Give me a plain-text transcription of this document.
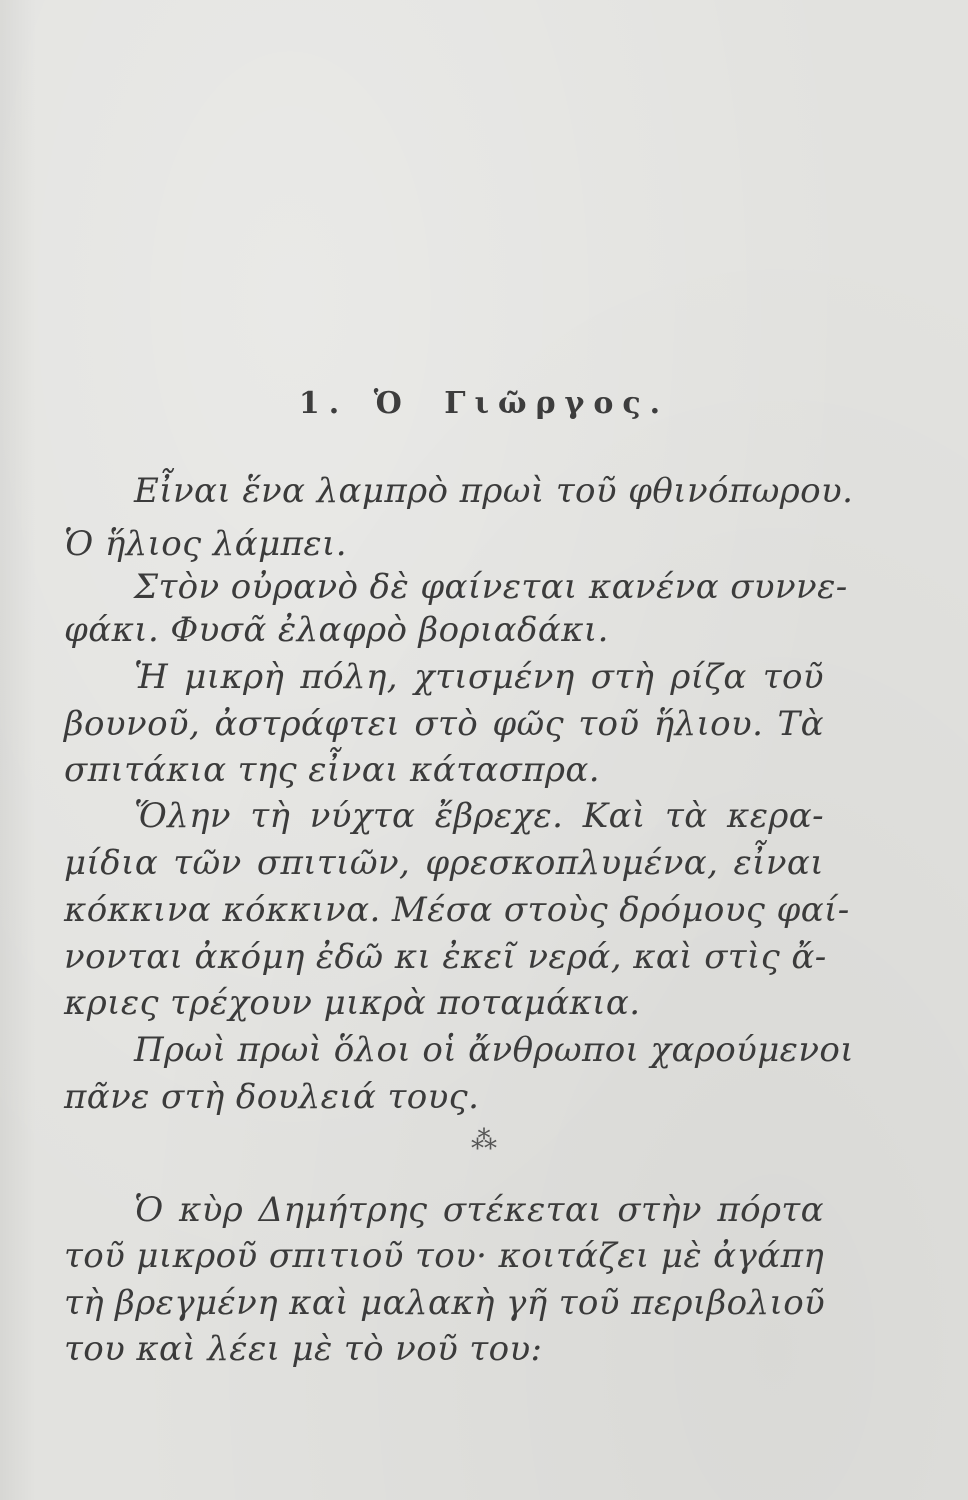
1. Ὁ Γιῶργος.
Εἶναι ἕνα λαμπρὸ πρωὶ τοῦ φθινόπωρου.
Ὁ ἥλιος λάμπει.
Στὸν οὐρανὸ δὲ φαίνεται κανένα συννε-
φάκι. Φυσᾶ ἐλαφρὸ βοριαδάκι.
Ἡ μικρὴ πόλη, χτισμένη στὴ ρίζα τοῦ
βουνοῦ, ἀστράφτει στὸ φῶς τοῦ ἥλιου. Τὰ
σπιτάκια της εἶναι κάτασπρα.
Ὅλην τὴ νύχτα ἔβρεχε. Καὶ τὰ κερα-
μίδια τῶν σπιτιῶν, φρεσκοπλυμένα, εἶναι
κόκκινα κόκκινα. Μέσα στοὺς δρόμους φαί-
νονται ἀκόμη ἐδῶ κι ἐκεῖ νερά, καὶ στὶς ἄ-
κριες τρέχουν μικρὰ ποταμάκια.
Πρωὶ πρωὶ ὅλοι οἱ ἄνθρωποι χαρούμενοι
πᾶνε στὴ δουλειά τους.
⁂
Ὁ κὺρ Δημήτρης στέκεται στὴν πόρτα
τοῦ μικροῦ σπιτιοῦ του· κοιτάζει μὲ ἀγάπη
τὴ βρεγμένη καὶ μαλακὴ γῆ τοῦ περιβολιοῦ
του καὶ λέει μὲ τὸ νοῦ του:
